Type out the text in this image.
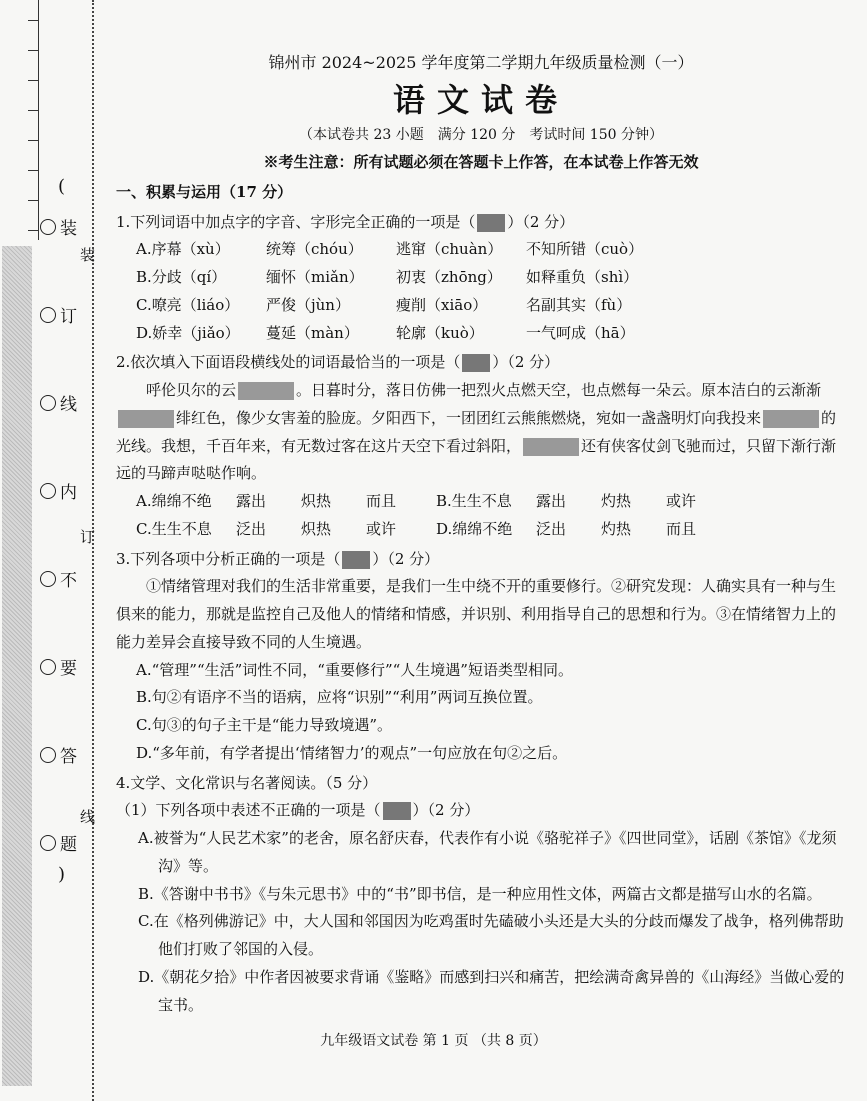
(
装
订
线
内
不
要
答
题
)
装
订
线
锦州市 2024~2025 学年度第二学期九年级质量检测（一）
语文试卷
（本试卷共 23 小题　满分 120 分　考试时间 150 分钟）
※考生注意：所有试题必须在答题卡上作答，在本试卷上作答无效
一、积累与运用（17 分）
1.下列词语中加点字的字音、字形完全正确的一项是（ ）（2 分）
A.序幕（xù）	统筹（chóu）	逃窜（chuàn）	不知所错（cuò）
B.分歧（qí）	缅怀（miǎn）	初衷（zhōng）	如释重负（shì）
C.嘹亮（liáo）	严俊（jùn）	瘦削（xiāo）	名副其实（fù）
D.娇幸（jiǎo）	蔓延（màn）	轮廓（kuò）	一气呵成（hā）
2.依次填入下面语段横线处的词语最恰当的一项是（ ）（2 分）
呼伦贝尔的云	。日暮时分，落日仿佛一把烈火点燃天空，也点燃每一朵云。原本洁白的云渐渐绯红色，像少女害羞的脸庞。夕阳西下，一团团红云熊熊燃烧，宛如一盏盏明灯向我投来	的光线。我想，千百年来，有无数过客在这片天空下看过斜阳，	还有侠客仗剑飞驰而过，只留下渐行渐远的马蹄声哒哒作响。
A.绵绵不绝	露出	炽热	而且	B.生生不息	露出	灼热	或许
C.生生不息	泛出	炽热	或许	D.绵绵不绝	泛出	灼热	而且
3.下列各项中分析正确的一项是（ ）（2 分）
①情绪管理对我们的生活非常重要，是我们一生中绕不开的重要修行。②研究发现：人确实具有一种与生俱来的能力，那就是监控自己及他人的情绪和情感，并识别、利用指导自己的思想和行为。③在情绪智力上的能力差异会直接导致不同的人生境遇。
A.“管理”“生活”词性不同，“重要修行”“人生境遇”短语类型相同。
B.句②有语序不当的语病，应将“识别”“利用”两词互换位置。
C.句③的句子主干是“能力导致境遇”。
D.“多年前，有学者提出‘情绪智力’的观点”一句应放在句②之后。
4.文学、文化常识与名著阅读。（5 分）
（1）下列各项中表述不正确的一项是（ ）（2 分）
A.被誉为“人民艺术家”的老舍，原名舒庆春，代表作有小说《骆驼祥子》《四世同堂》，话剧《茶馆》《龙须沟》等。
B.《答谢中书书》《与朱元思书》中的“书”即书信，是一种应用性文体，两篇古文都是描写山水的名篇。
C.在《格列佛游记》中，大人国和邻国因为吃鸡蛋时先磕破小头还是大头的分歧而爆发了战争，格列佛帮助他们打败了邻国的入侵。
D.《朝花夕拾》中作者因被要求背诵《鉴略》而感到扫兴和痛苦，把绘满奇禽异兽的《山海经》当做心爱的宝书。
九年级语文试卷 第 1 页 （共 8 页）
